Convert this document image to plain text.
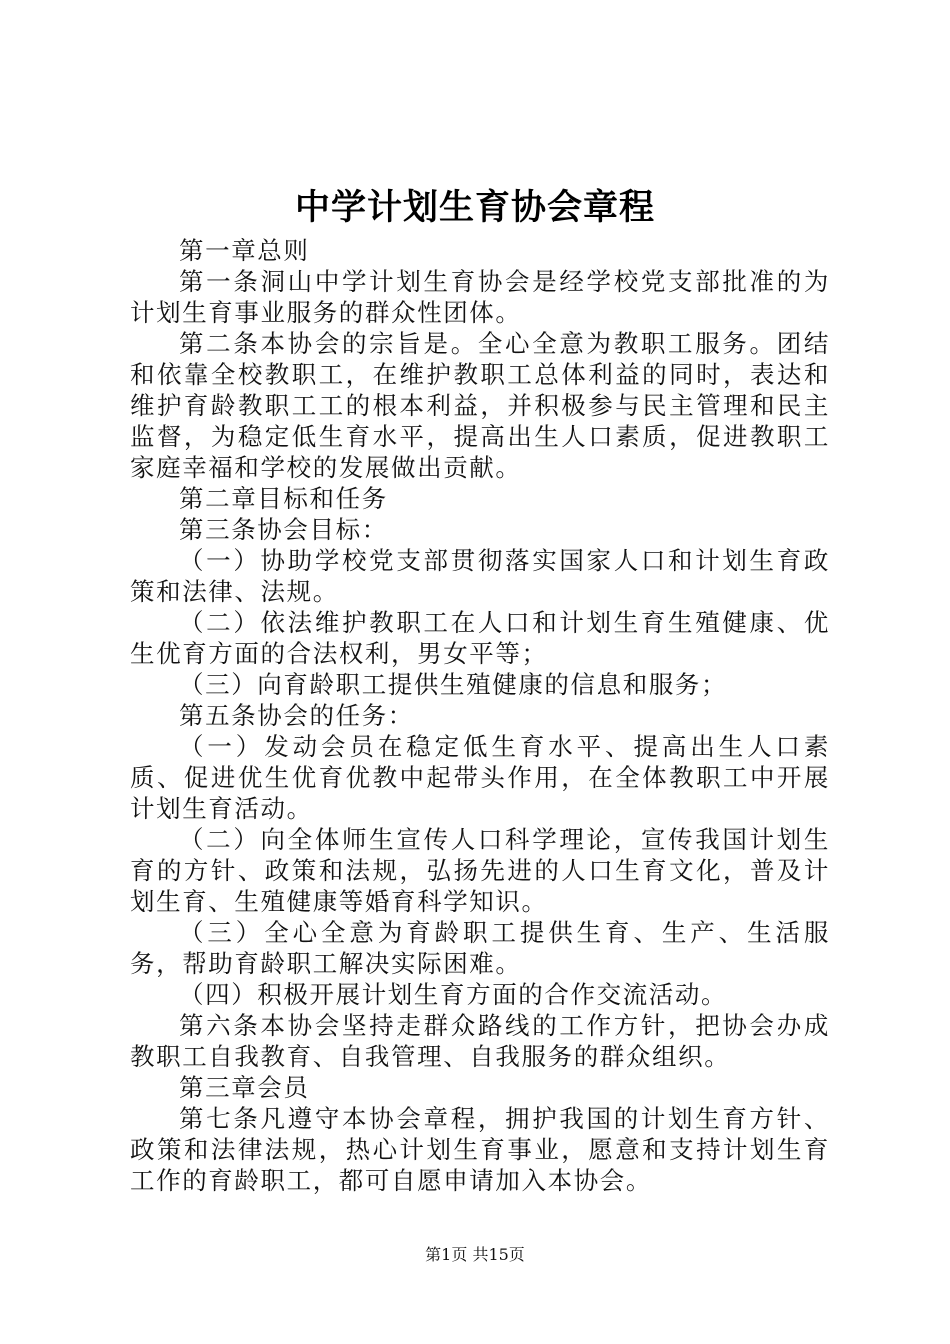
中学计划生育协会章程

第一章总则

第一条洞山中学计划生育协会是经学校党支部批准的为计划生育事业服务的群众性团体。

第二条本协会的宗旨是。全心全意为教职工服务。团结和依靠全校教职工，在维护教职工总体利益的同时，表达和维护育龄教职工工的根本利益，并积极参与民主管理和民主监督，为稳定低生育水平，提高出生人口素质，促进教职工家庭幸福和学校的发展做出贡献。

第二章目标和任务

第三条协会目标：

（一）协助学校党支部贯彻落实国家人口和计划生育政策和法律、法规。

（二）依法维护教职工在人口和计划生育生殖健康、优生优育方面的合法权利，男女平等；

（三）向育龄职工提供生殖健康的信息和服务；

第五条协会的任务：

（一）发动会员在稳定低生育水平、提高出生人口素质、促进优生优育优教中起带头作用，在全体教职工中开展计划生育活动。

（二）向全体师生宣传人口科学理论，宣传我国计划生育的方针、政策和法规，弘扬先进的人口生育文化，普及计划生育、生殖健康等婚育科学知识。

（三）全心全意为育龄职工提供生育、生产、生活服务，帮助育龄职工解决实际困难。

（四）积极开展计划生育方面的合作交流活动。

第六条本协会坚持走群众路线的工作方针，把协会办成教职工自我教育、自我管理、自我服务的群众组织。

第三章会员

第七条凡遵守本协会章程，拥护我国的计划生育方针、政策和法律法规，热心计划生育事业，愿意和支持计划生育工作的育龄职工，都可自愿申请加入本协会。

第1页 共15页
